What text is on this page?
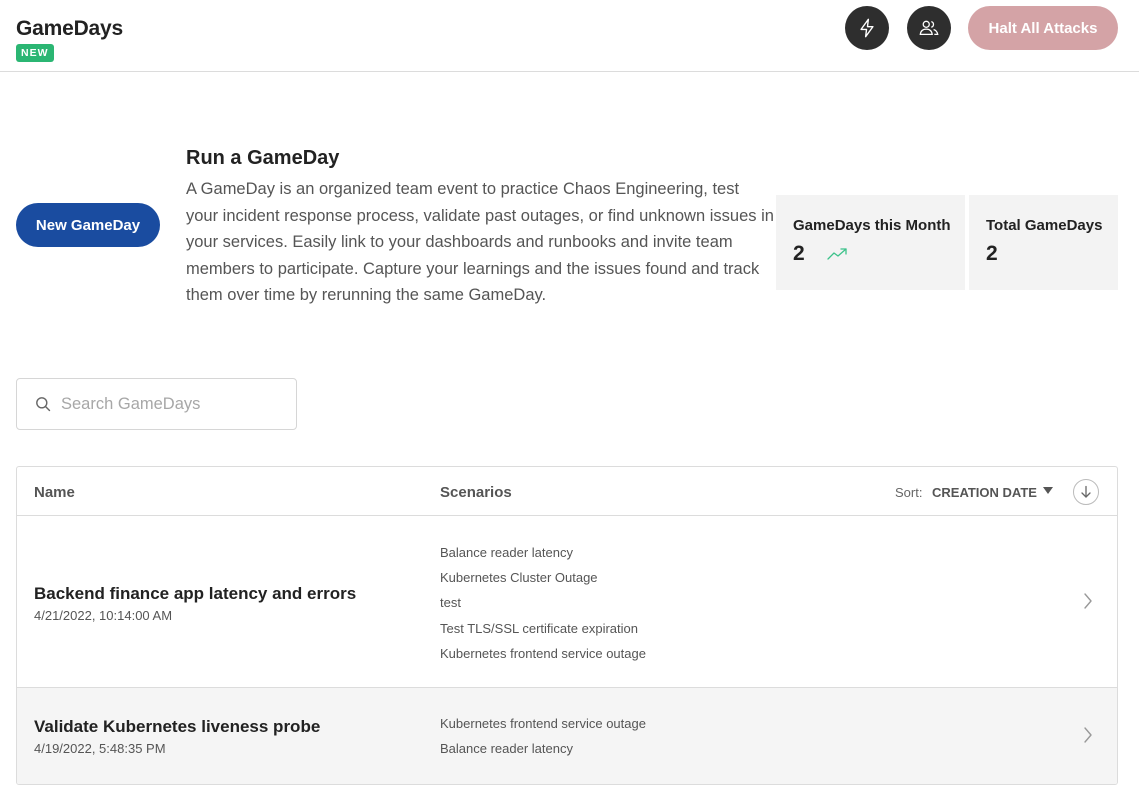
GameDays
NEW
Halt All Attacks
New GameDay
Run a GameDay
A GameDay is an organized team event to practice Chaos Engineering, test your incident response process, validate past outages, or find unknown issues in your services. Easily link to your dashboards and runbooks and invite team members to participate. Capture your learnings and the issues found and track them over time by rerunning the same GameDay.
GameDays this Month
2
Total GameDays
2
Search GameDays
Name	Scenarios	Sort: CREATION DATE
Backend finance app latency and errors
4/21/2022, 10:14:00 AM
Balance reader latency
Kubernetes Cluster Outage
test
Test TLS/SSL certificate expiration
Kubernetes frontend service outage
Validate Kubernetes liveness probe
4/19/2022, 5:48:35 PM
Kubernetes frontend service outage
Balance reader latency
